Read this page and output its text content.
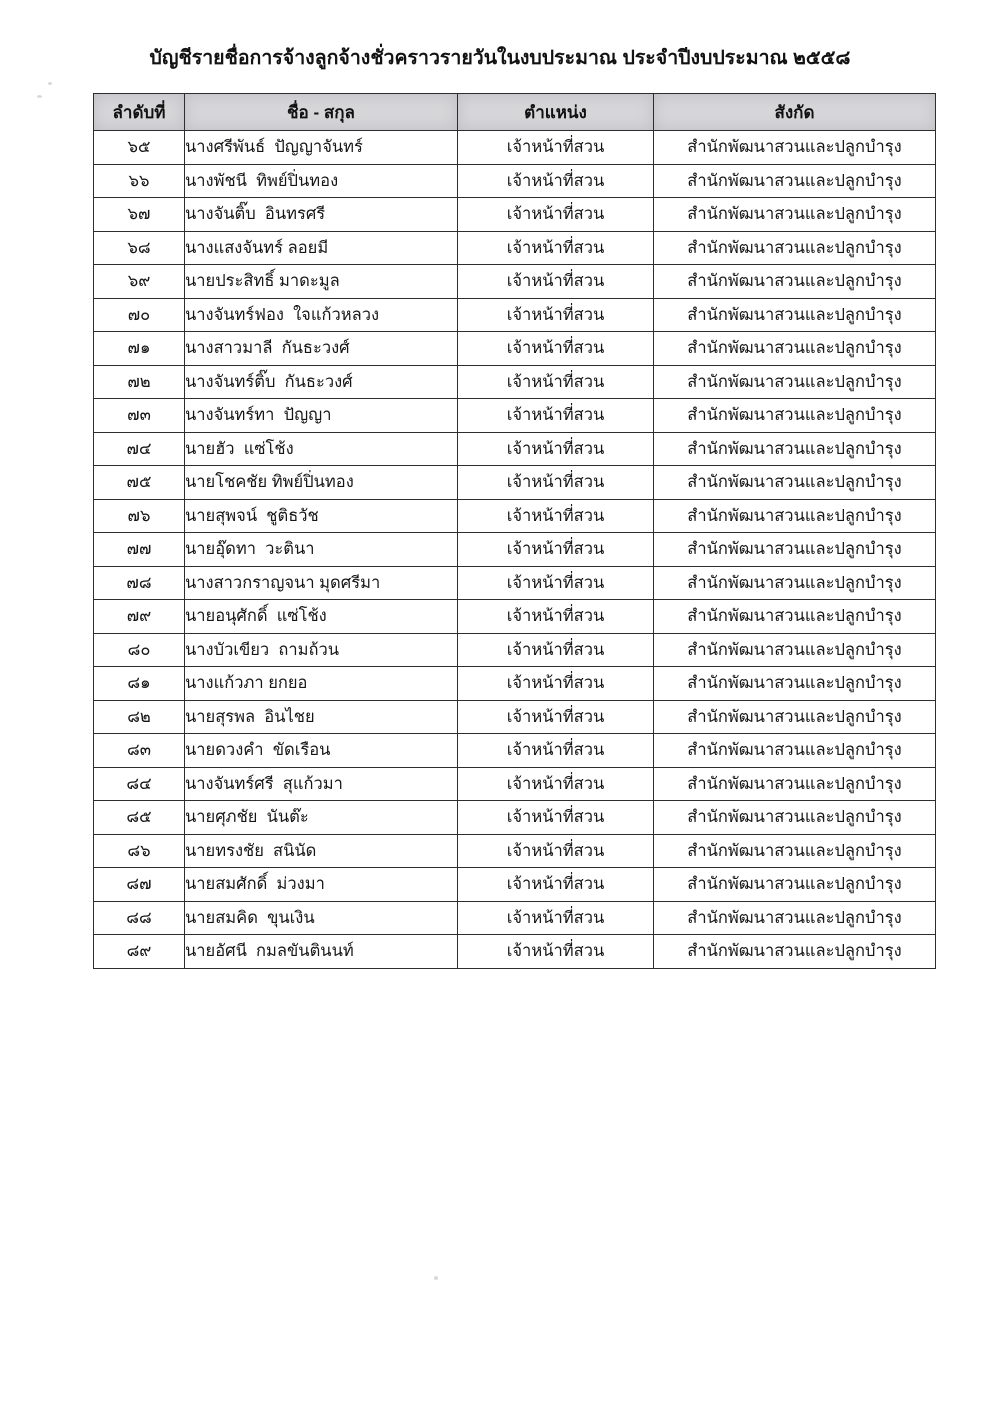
บัญชีรายชื่อการจ้างลูกจ้างชั่วคราวรายวันในงบประมาณ ประจำปีงบประมาณ ๒๕๕๘
ลำดับที่	ชื่อ - สกุล	ตำแหน่ง	สังกัด
๖๕	นางศรีพันธ์  ปัญญาจันทร์	เจ้าหน้าที่สวน	สำนักพัฒนาสวนและปลูกบำรุง
๖๖	นางพัชนี  ทิพย์ปิ่นทอง	เจ้าหน้าที่สวน	สำนักพัฒนาสวนและปลูกบำรุง
๖๗	นางจันติ๊บ  อินทรศรี	เจ้าหน้าที่สวน	สำนักพัฒนาสวนและปลูกบำรุง
๖๘	นางแสงจันทร์ ลอยมี	เจ้าหน้าที่สวน	สำนักพัฒนาสวนและปลูกบำรุง
๖๙	นายประสิทธิ์ มาดะมูล	เจ้าหน้าที่สวน	สำนักพัฒนาสวนและปลูกบำรุง
๗๐	นางจันทร์ฟอง  ใจแก้วหลวง	เจ้าหน้าที่สวน	สำนักพัฒนาสวนและปลูกบำรุง
๗๑	นางสาวมาลี  กันธะวงศ์	เจ้าหน้าที่สวน	สำนักพัฒนาสวนและปลูกบำรุง
๗๒	นางจันทร์ติ๊บ  กันธะวงศ์	เจ้าหน้าที่สวน	สำนักพัฒนาสวนและปลูกบำรุง
๗๓	นางจันทร์ทา  ปัญญา	เจ้าหน้าที่สวน	สำนักพัฒนาสวนและปลูกบำรุง
๗๔	นายฮัว  แซ่โช้ง	เจ้าหน้าที่สวน	สำนักพัฒนาสวนและปลูกบำรุง
๗๕	นายโชคชัย ทิพย์ปิ่นทอง	เจ้าหน้าที่สวน	สำนักพัฒนาสวนและปลูกบำรุง
๗๖	นายสุพจน์  ชูติธวัช	เจ้าหน้าที่สวน	สำนักพัฒนาสวนและปลูกบำรุง
๗๗	นายอุ๊ดทา  วะตินา	เจ้าหน้าที่สวน	สำนักพัฒนาสวนและปลูกบำรุง
๗๘	นางสาวกราญจนา มุดศรีมา	เจ้าหน้าที่สวน	สำนักพัฒนาสวนและปลูกบำรุง
๗๙	นายอนุศักดิ์  แซ่โช้ง	เจ้าหน้าที่สวน	สำนักพัฒนาสวนและปลูกบำรุง
๘๐	นางบัวเขียว  ถามถ้วน	เจ้าหน้าที่สวน	สำนักพัฒนาสวนและปลูกบำรุง
๘๑	นางแก้วภา ยกยอ	เจ้าหน้าที่สวน	สำนักพัฒนาสวนและปลูกบำรุง
๘๒	นายสุรพล  อินไชย	เจ้าหน้าที่สวน	สำนักพัฒนาสวนและปลูกบำรุง
๘๓	นายดวงคำ  ขัดเรือน	เจ้าหน้าที่สวน	สำนักพัฒนาสวนและปลูกบำรุง
๘๔	นางจันทร์ศรี  สุแก้วมา	เจ้าหน้าที่สวน	สำนักพัฒนาสวนและปลูกบำรุง
๘๕	นายศุภชัย  นันต๊ะ	เจ้าหน้าที่สวน	สำนักพัฒนาสวนและปลูกบำรุง
๘๖	นายทรงชัย  สนินัด	เจ้าหน้าที่สวน	สำนักพัฒนาสวนและปลูกบำรุง
๘๗	นายสมศักดิ์  ม่วงมา	เจ้าหน้าที่สวน	สำนักพัฒนาสวนและปลูกบำรุง
๘๘	นายสมคิด  ขุนเงิน	เจ้าหน้าที่สวน	สำนักพัฒนาสวนและปลูกบำรุง
๘๙	นายอัศนี  กมลขันตินนท์	เจ้าหน้าที่สวน	สำนักพัฒนาสวนและปลูกบำรุง
